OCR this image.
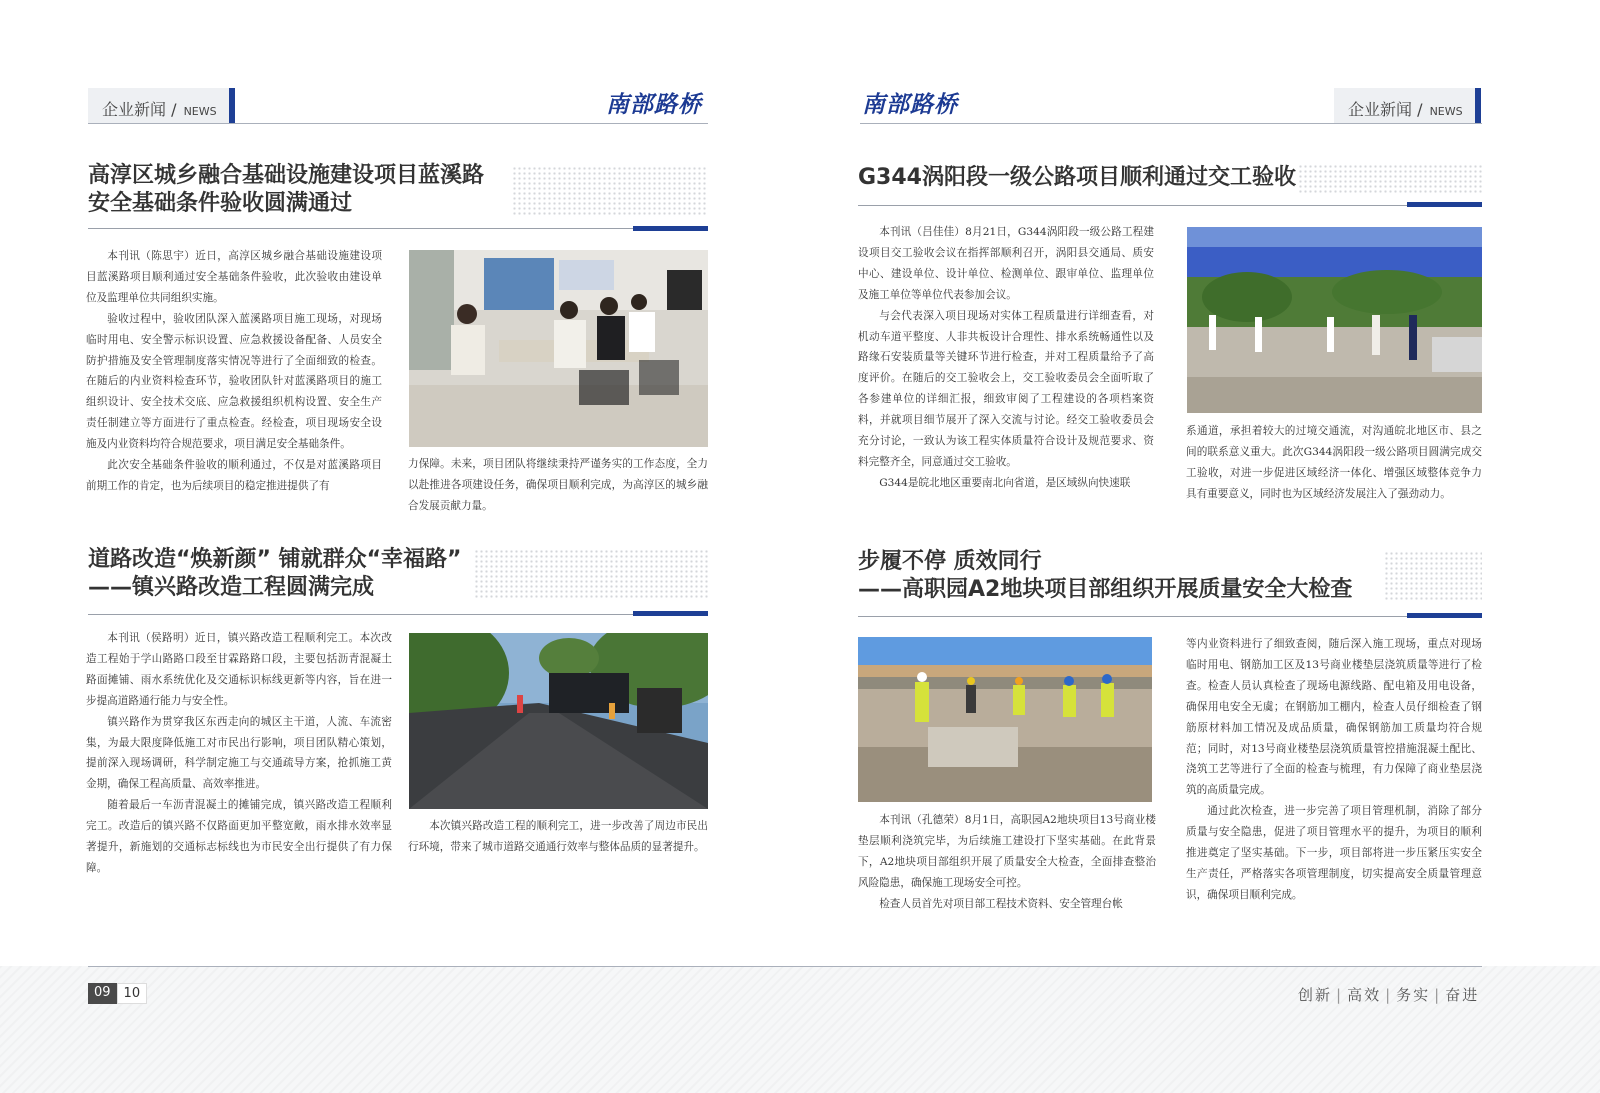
企业新闻 / NEWS	南部路桥	南部路桥	企业新闻 / NEWS
高淳区城乡融合基础设施建设项目蓝溪路
安全基础条件验收圆满通过

本刊讯（陈思宇）近日，高淳区城乡融合基础设施建设项目蓝溪路项目顺利通过安全基础条件验收，此次验收由建设单位及监理单位共同组织实施。

验收过程中，验收团队深入蓝溪路项目施工现场，对现场临时用电、安全警示标识设置、应急救援设备配备、人员安全防护措施及安全管理制度落实情况等进行了全面细致的检查。在随后的内业资料检查环节，验收团队针对蓝溪路项目的施工组织设计、安全技术交底、应急救援组织机构设置、安全生产责任制建立等方面进行了重点检查。经检查，项目现场安全设施及内业资料均符合规范要求，项目满足安全基础条件。

此次安全基础条件验收的顺利通过，不仅是对蓝溪路项目前期工作的肯定，也为后续项目的稳定推进提供了有

力保障。未来，项目团队将继续秉持严谨务实的工作态度，全力以赴推进各项建设任务，确保项目顺利完成，为高淳区的城乡融合发展贡献力量。

道路改造“焕新颜” 铺就群众“幸福路”
——镇兴路改造工程圆满完成

本刊讯（侯路明）近日，镇兴路改造工程顺利完工。本次改造工程始于学山路路口段至甘霖路路口段，主要包括沥青混凝土路面摊铺、雨水系统优化及交通标识标线更新等内容，旨在进一步提高道路通行能力与安全性。

镇兴路作为贯穿我区东西走向的城区主干道，人流、车流密集，为最大限度降低施工对市民出行影响，项目团队精心策划，提前深入现场调研，科学制定施工与交通疏导方案，抢抓施工黄金期，确保工程高质量、高效率推进。

随着最后一车沥青混凝土的摊铺完成，镇兴路改造工程顺利完工。改造后的镇兴路不仅路面更加平整宽敞，雨水排水效率显著提升，新施划的交通标志标线也为市民安全出行提供了有力保障。

本次镇兴路改造工程的顺利完工，进一步改善了周边市民出行环境，带来了城市道路交通通行效率与整体品质的显著提升。

G344涡阳段一级公路项目顺利通过交工验收

本刊讯（吕佳佳）8月21日，G344涡阳段一级公路工程建设项目交工验收会议在指挥部顺利召开，涡阳县交通局、质安中心、建设单位、设计单位、检测单位、跟审单位、监理单位及施工单位等单位代表参加会议。

与会代表深入项目现场对实体工程质量进行详细查看，对机动车道平整度、人非共板设计合理性、排水系统畅通性以及路缘石安装质量等关键环节进行检查，并对工程质量给予了高度评价。在随后的交工验收会上，交工验收委员会全面听取了各参建单位的详细汇报，细致审阅了工程建设的各项档案资料，并就项目细节展开了深入交流与讨论。经交工验收委员会充分讨论，一致认为该工程实体质量符合设计及规范要求、资料完整齐全，同意通过交工验收。

G344是皖北地区重要南北向省道，是区域纵向快速联

系通道，承担着较大的过境交通流，对沟通皖北地区市、县之间的联系意义重大。此次G344涡阳段一级公路项目圆满完成交工验收，对进一步促进区域经济一体化、增强区域整体竞争力具有重要意义，同时也为区域经济发展注入了强劲动力。

步履不停 质效同行
——高职园A2地块项目部组织开展质量安全大检查

本刊讯（孔德荣）8月1日，高职园A2地块项目13号商业楼垫层顺利浇筑完毕，为后续施工建设打下坚实基础。在此背景下，A2地块项目部组织开展了质量安全大检查，全面排查整治风险隐患，确保施工现场安全可控。

检查人员首先对项目部工程技术资料、安全管理台帐

等内业资料进行了细致查阅，随后深入施工现场，重点对现场临时用电、钢筋加工区及13号商业楼垫层浇筑质量等进行了检查。检查人员认真检查了现场电源线路、配电箱及用电设备，确保用电安全无虞；在钢筋加工棚内，检查人员仔细检查了钢筋原材料加工情况及成品质量，确保钢筋加工质量均符合规范；同时，对13号商业楼垫层浇筑质量管控措施混凝土配比、浇筑工艺等进行了全面的检查与梳理，有力保障了商业垫层浇筑的高质量完成。

通过此次检查，进一步完善了项目管理机制，消除了部分质量与安全隐患，促进了项目管理水平的提升，为项目的顺利推进奠定了坚实基础。下一步，项目部将进一步压紧压实安全生产责任，严格落实各项管理制度，切实提高安全质量管理意识，确保项目顺利完成。

09	10	创新 | 高效 | 务实 | 奋进
